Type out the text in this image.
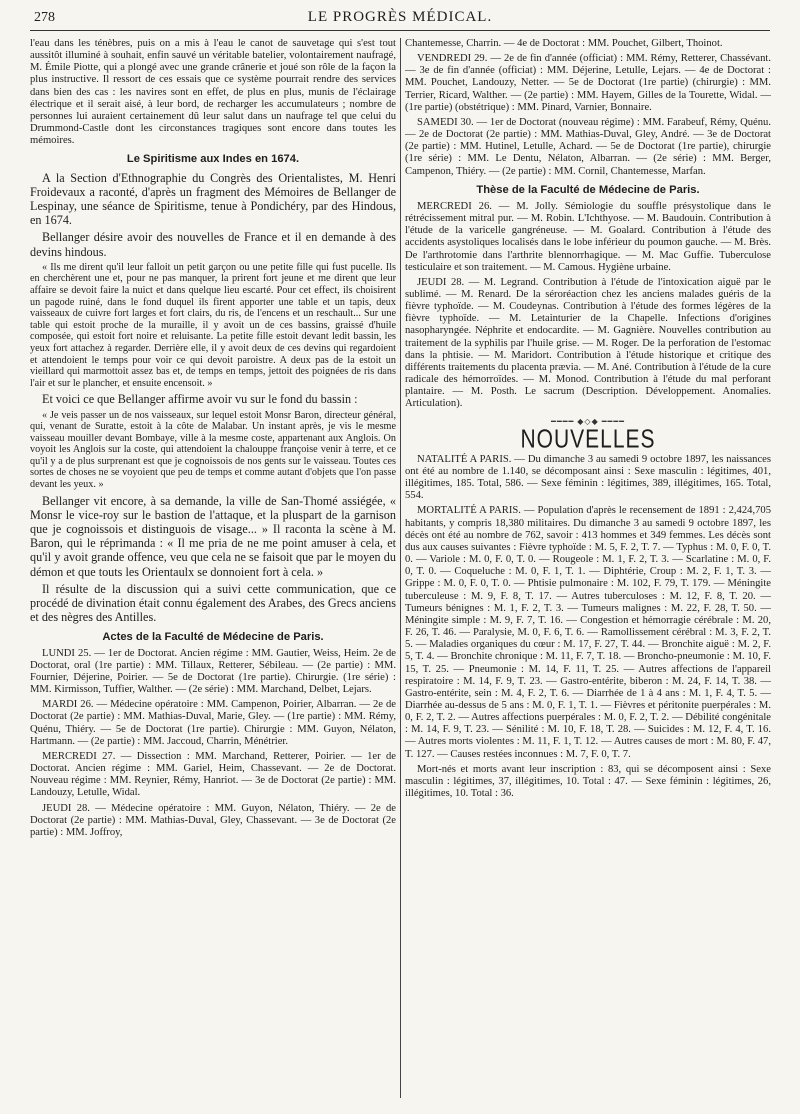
278	LE PROGRÈS MÉDICAL.

l'eau dans les ténèbres, puis on a mis à l'eau le canot de sauvetage qui s'est tout aussitôt illuminé à souhait, enfin sauvé un véritable batelier, volontairement naufragé, M. Émile Piotte, qui a plongé avec une grande crânerie et joué son rôle de la façon la plus instructive. Il ressort de ces essais que ce système pourrait rendre des services dans bien des cas : les navires sont en effet, de plus en plus, munis de l'éclairage électrique et il serait aisé, à leur bord, de recharger les accumulateurs ; nombre de personnes lui auraient certainement dû leur salut dans un naufrage tel que celui du Drummond-Castle dont les circonstances tragiques sont encore dans toutes les mémoires.

Le Spiritisme aux Indes en 1674.

A la Section d'Ethnographie du Congrès des Orientalistes, M. Henri Froidevaux a raconté, d'après un fragment des Mémoires de Bellanger de Lespinay, une séance de Spiritisme, tenue à Pondichéry, par des Hindous, en 1674.

Bellanger désire avoir des nouvelles de France et il en demande à des devins hindous.

« Ils me dirent qu'il leur falloit un petit garçon ou une petite fille qui fust pucelle. Ils en cherchèrent une et, pour ne pas manquer, la prirent fort jeune et me dirent que leur affaire se devoit faire la nuict et dans quelque lieu escarté. Pour cet effect, ils choisirent un pagode ruiné, dans le fond duquel ils firent apporter une table et un tapis, deux vaisseaux de cuivre fort larges et fort clairs, du ris, de l'encens et un reschault... Sur une table qui estoit proche de la muraille, il y avoit un de ces bassins, graissé d'huile composée, qui estoit fort noire et reluisante. La petite fille estoit devant ledit bassin, les yeux fort attachez à regarder. Derrière elle, il y avoit deux de ces devins qui regardoient et attendoient le temps pour voir ce qui devoit paroistre. A deux pas de la estoit un vieillard qui marmottoit assez bas et, de temps en temps, jettoit des poignées de ris dans l'air et sur le plancher, et ensuite encensoit. »

Et voici ce que Bellanger affirme avoir vu sur le fond du bassin :

« Je veis passer un de nos vaisseaux, sur lequel estoit Monsr Baron, directeur général, qui, venant de Suratte, estoit à la côte de Malabar. Un instant après, je vis le mesme vaisseau mouiller devant Bombaye, ville à la mesme coste, appartenant aux Anglois. On voyoit les Anglois sur la coste, qui attendoient la chalouppe françoise venir à terre, et ce qu'il y a de plus surprenant est que je cognoissois de nos gents sur le vaisseau. Toutes ces sortes de choses ne se voyoient que peu de temps et comme autant d'objets que l'on passe devant les yeux. »

Bellanger vit encore, à sa demande, la ville de San-Thomé assiégée, « Monsr le vice-roy sur le bastion de l'attaque, et la pluspart de la garnison que je cognoissois et distinguois de visage... » Il raconta la scène à M. Baron, qui le réprimanda : « Il me pria de ne me point amuser à cela, et qu'il y avoit grande offence, veu que cela ne se faisoit que par le moyen du démon et que touts les Orientaulx se donnoient fort à cela. »

Il résulte de la discussion qui a suivi cette communication, que ce procédé de divination était connu également des Arabes, des Grecs anciens et des nègres des Antilles.

Actes de la Faculté de Médecine de Paris.

LUNDI 25. — 1er de Doctorat. Ancien régime : MM. Gautier, Weiss, Heim. 2e de Doctorat, oral (1re partie) : MM. Tillaux, Retterer, Sébileau. — (2e partie) : MM. Fournier, Déjerine, Poirier. — 5e de Doctorat (1re partie). Chirurgie. (1re série) : MM. Kirmisson, Tuffier, Walther. — (2e série) : MM. Marchand, Delbet, Lejars.

MARDI 26. — Médecine opératoire : MM. Campenon, Poirier, Albarran. — 2e de Doctorat (2e partie) : MM. Mathias-Duval, Marie, Gley. — (1re partie) : MM. Rémy, Quénu, Thiéry. — 5e de Doctorat (1re partie). Chirurgie : MM. Guyon, Nélaton, Hartmann. — (2e partie) : MM. Jaccoud, Charrin, Ménétrier.

MERCREDI 27. — Dissection : MM. Marchand, Retterer, Poirier. — 1er de Doctorat. Ancien régime : MM. Gariel, Heim, Chassevant. — 2e de Doctorat. Nouveau régime : MM. Reynier, Rémy, Hanriot. — 3e de Doctorat (2e partie) : MM. Landouzy, Letulle, Widal.

JEUDI 28. — Médecine opératoire : MM. Guyon, Nélaton, Thiéry. — 2e de Doctorat (2e partie) : MM. Mathias-Duval, Gley, Chassevant. — 3e de Doctorat (2e partie) : MM. Joffroy,

Chantemesse, Charrin. — 4e de Doctorat : MM. Pouchet, Gilbert, Thoinot.

VENDREDI 29. — 2e de fin d'année (officiat) : MM. Rémy, Retterer, Chassévant. — 3e de fin d'année (officiat) : MM. Déjerine, Letulle, Lejars. — 4e de Doctorat : MM. Pouchet, Landouzy, Netter. — 5e de Doctorat (1re partie) (chirurgie) : MM. Terrier, Ricard, Walther. — (2e partie) : MM. Hayem, Gilles de la Tourette, Widal. — (1re partie) (obstétrique) : MM. Pinard, Varnier, Bonnaire.

SAMEDI 30. — 1er de Doctorat (nouveau régime) : MM. Farabeuf, Rémy, Quénu. — 2e de Doctorat (2e partie) : MM. Mathias-Duval, Gley, André. — 3e de Doctorat (2e partie) : MM. Hutinel, Letulle, Achard. — 5e de Doctorat (1re partie), chirurgie (1re série) : MM. Le Dentu, Nélaton, Albarran. — (2e série) : MM. Berger, Campenon, Thiéry. — (2e partie) : MM. Cornil, Chantemesse, Marfan.

Thèse de la Faculté de Médecine de Paris.

MERCREDI 26. — M. Jolly. Sémiologie du souffle présystolique dans le rétrécissement mitral pur. — M. Robin. L'Ichthyose. — M. Baudouin. Contribution à l'étude de la varicelle gangréneuse. — M. Goalard. Contribution à l'étude des accidents asystoliques localisés dans le lobe inférieur du poumon gauche. — M. Brès. De l'arthrotomie dans l'arthrite blennorrhagique. — M. Mac Guffie. Tuberculose testiculaire et son traitement. — M. Camous. Hygiène urbaine.

JEUDI 28. — M. Legrand. Contribution à l'étude de l'intoxication aiguë par le sublimé. — M. Renard. De la séroréaction chez les anciens malades guéris de la fièvre typhoïde. — M. Coudeynas. Contribution à l'étude des formes légères de la fièvre typhoïde. — M. Letainturier de la Chapelle. Infections d'origines nasopharyngée. Néphrite et endocardite. — M. Gagnière. Nouvelles contribution au traitement de la syphilis par l'huile grise. — M. Roger. De la perforation de l'estomac dans la phtisie. — M. Maridort. Contribution à l'étude historique et critique des différents traitements du placenta prævia. — M. Ané. Contribution à l'étude de la cure radicale des hémorroïdes. — M. Monod. Contribution à l'étude du mal perforant plantaire. — M. Posth. Le sacrum (Description. Développement. Anomalies. Articulation).

━━━━ ◆◇◆ ━━━━
NOUVELLES

NATALITÉ A PARIS. — Du dimanche 3 au samedi 9 octobre 1897, les naissances ont été au nombre de 1.140, se décomposant ainsi : Sexe masculin : légitimes, 401, illégitimes, 185. Total, 586. — Sexe féminin : légitimes, 389, illégitimes, 165. Total, 554.

MORTALITÉ A PARIS. — Population d'après le recensement de 1891 : 2,424,705 habitants, y compris 18,380 militaires. Du dimanche 3 au samedi 9 octobre 1897, les décès ont été au nombre de 762, savoir : 413 hommes et 349 femmes. Les décès sont dus aux causes suivantes : Fièvre typhoïde : M. 5, F. 2, T. 7. — Typhus : M. 0, F. 0, T. 0. — Variole : M. 0, F. 0, T. 0. — Rougeole : M. 1, F. 2, T. 3. — Scarlatine : M. 0, F. 0, T. 0. — Coqueluche : M. 0, F. 1, T. 1. — Diphtérie, Croup : M. 2, F. 1, T. 3. — Grippe : M. 0, F. 0, T. 0. — Phtisie pulmonaire : M. 102, F. 79, T. 179. — Méningite tuberculeuse : M. 9, F. 8, T. 17. — Autres tuberculoses : M. 12, F. 8, T. 20. — Tumeurs bénignes : M. 1, F. 2, T. 3. — Tumeurs malignes : M. 22, F. 28, T. 50. — Méningite simple : M. 9, F. 7, T. 16. — Congestion et hémorragie cérébrale : M. 20, F. 26, T. 46. — Paralysie, M. 0, F. 6, T. 6. — Ramollissement cérébral : M. 3, F. 2, T. 5. — Maladies organiques du cœur : M. 17, F. 27, T. 44. — Bronchite aiguë : M. 2, F. 5, T. 4. — Bronchite chronique : M. 11, F. 7, T. 18. — Broncho-pneumonie : M. 10, F. 15, T. 25. — Pneumonie : M. 14, F. 11, T. 25. — Autres affections de l'appareil respiratoire : M. 14, F. 9, T. 23. — Gastro-entérite, biberon : M. 24, F. 14, T. 38. — Gastro-entérite, sein : M. 4, F. 2, T. 6. — Diarrhée de 1 à 4 ans : M. 1, F. 4, T. 5. — Diarrhée au-dessus de 5 ans : M. 0, F. 1, T. 1. — Fièvres et péritonite puerpérales : M. 0, F. 2, T. 2. — Autres affections puerpérales : M. 0, F. 2, T. 2. — Débilité congénitale : M. 14, F. 9, T. 23. — Sénilité : M. 10, F. 18, T. 28. — Suicides : M. 12, F. 4, T. 16. — Autres morts violentes : M. 11, F. 1, T. 12. — Autres causes de mort : M. 80, F. 47, T. 127. — Causes restées inconnues : M. 7, F. 0, T. 7.

Mort-nés et morts avant leur inscription : 83, qui se décomposent ainsi : Sexe masculin : légitimes, 37, illégitimes, 10. Total : 47. — Sexe féminin : légitimes, 26, illégitimes, 10. Total : 36.
